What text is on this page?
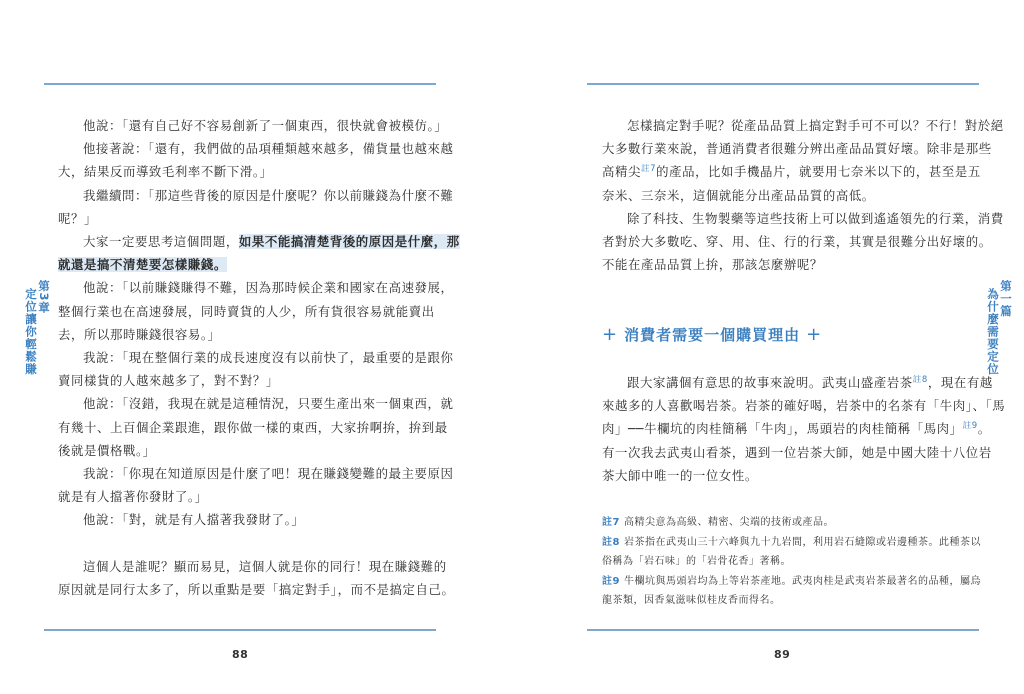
第3章
定位讓你輕鬆賺	第一篇
為什麼需要定位

他說：「還有自己好不容易創新了一個東西，很快就會被模仿。」

他接著說：「還有，我們做的品項種類越來越多，備貨量也越來越

大，結果反而導致毛利率不斷下滑。」

我繼續問：「那這些背後的原因是什麼呢？你以前賺錢為什麼不難

呢？」

大家一定要思考這個問題，如果不能搞清楚背後的原因是什麼，那

就還是搞不清楚要怎樣賺錢。

他說：「以前賺錢賺得不難，因為那時候企業和國家在高速發展，

整個行業也在高速發展，同時賣貨的人少，所有貨很容易就能賣出

去，所以那時賺錢很容易。」

我說：「現在整個行業的成長速度沒有以前快了，最重要的是跟你

賣同樣貨的人越來越多了，對不對？」

他說：「沒錯，我現在就是這種情況，只要生產出來一個東西，就

有幾十、上百個企業跟進，跟你做一樣的東西，大家拚啊拚，拚到最

後就是價格戰。」

我說：「你現在知道原因是什麼了吧！現在賺錢變難的最主要原因

就是有人擋著你發財了。」

他說：「對，就是有人擋著我發財了。」

這個人是誰呢？顯而易見，這個人就是你的同行！現在賺錢難的

原因就是同行太多了，所以重點是要「搞定對手」，而不是搞定自己。

88

怎樣搞定對手呢？從產品品質上搞定對手可不可以？不行！對於絕

大多數行業來說，普通消費者很難分辨出產品品質好壞。除非是那些

高精尖$^{註7}$的產品，比如手機晶片，就要用七奈米以下的，甚至是五

奈米、三奈米，這個就能分出產品品質的高低。

除了科技、生物製藥等這些技術上可以做到遙遙領先的行業，消費

者對於大多數吃、穿、用、住、行的行業，其實是很難分出好壞的。

不能在產品品質上拚，那該怎麼辦呢？

+ 消費者需要一個購買理由 +

跟大家講個有意思的故事來說明。武夷山盛產岩茶$^{註8}$，現在有越

來越多的人喜歡喝岩茶。岩茶的確好喝，岩茶中的名茶有「牛肉」、「馬

肉」──牛欄坑的肉桂簡稱「牛肉」，馬頭岩的肉桂簡稱「馬肉」$^{註9}$。

有一次我去武夷山看茶，遇到一位岩茶大師，她是中國大陸十八位岩

茶大師中唯一的一位女性。

註7 高精尖意為高級、精密、尖端的技術或產品。
註8 岩茶指在武夷山三十六峰與九十九岩間，利用岩石縫隙或岩邊種茶。此種茶以
俗稱為「岩石味」的「岩骨花香」著稱。
註9 牛欄坑與馬頭岩均為上等岩茶產地。武夷肉桂是武夷岩茶最著名的品種，屬烏
龍茶類，因香氣滋味似桂皮香而得名。
89
